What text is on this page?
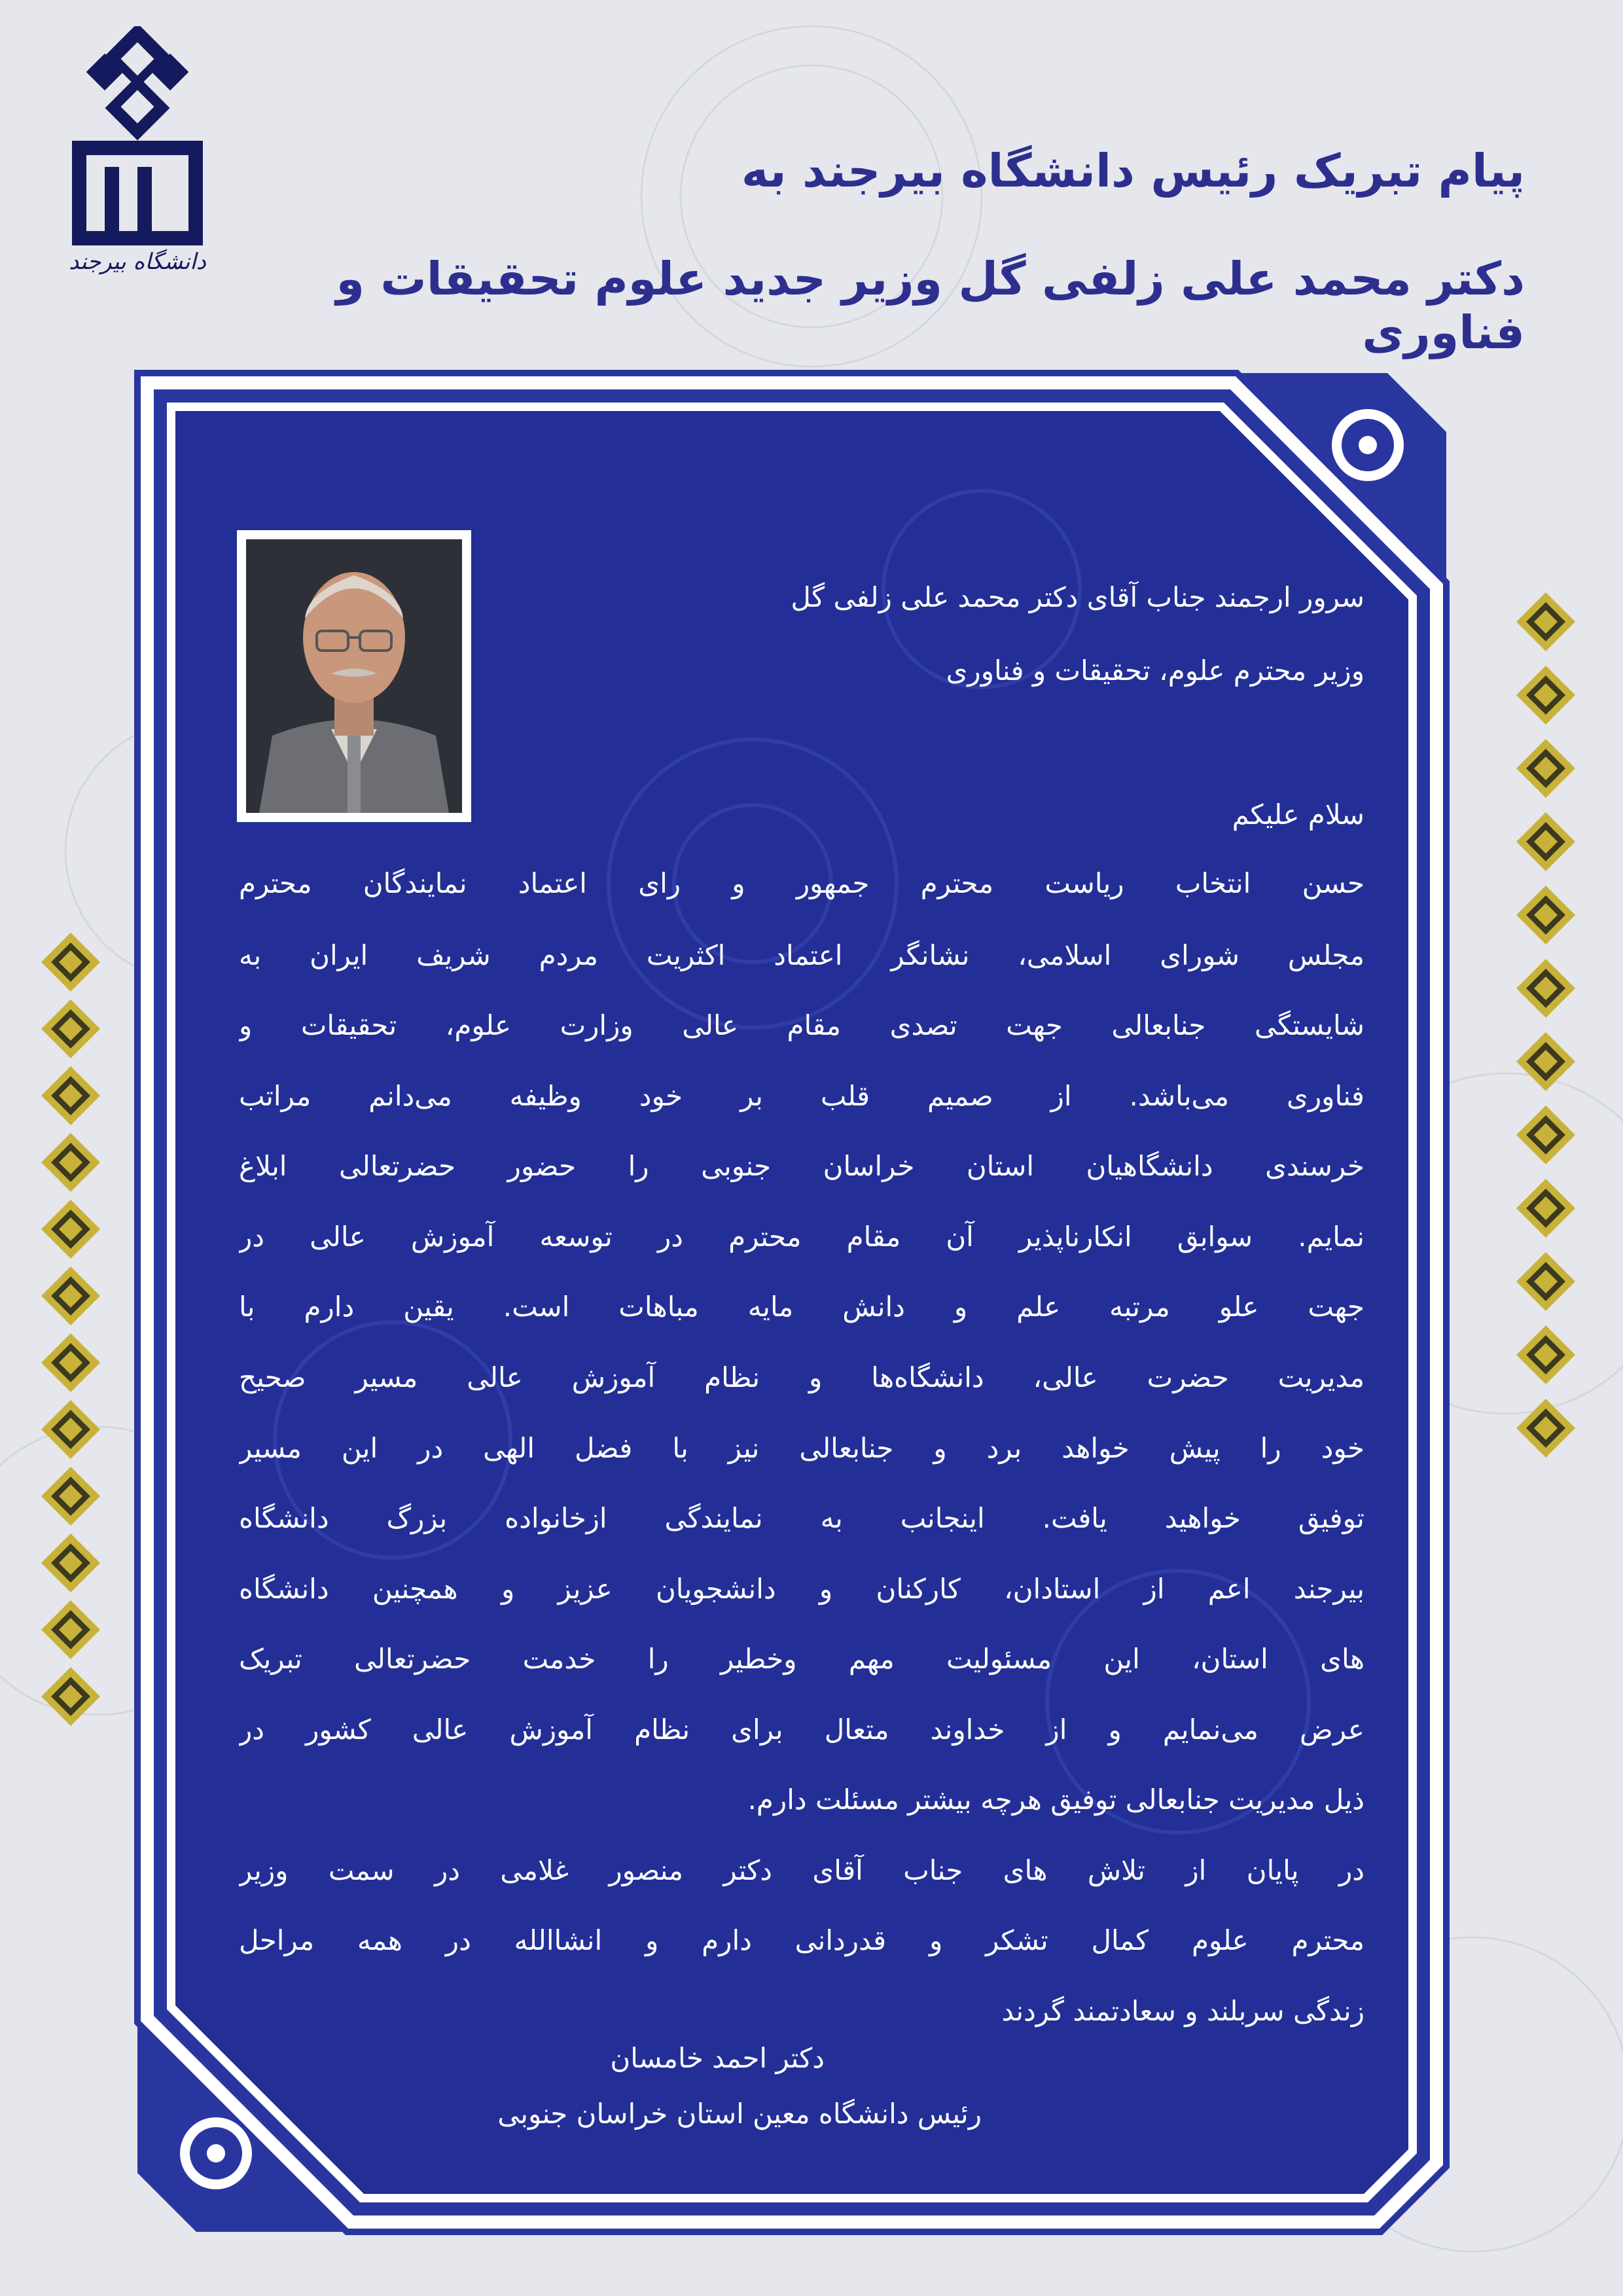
دانشگاه بیرجند
پیام تبریک رئیس دانشگاه بیرجند به
دکتر محمد علی زلفی گل وزیر جدید علوم تحقیقات و فناوری
سرور ارجمند جناب آقای دکتر محمد علی زلفی گل
وزیر محترم علوم، تحقیقات و فناوری
سلام علیکم
حسن انتخاب ریاست محترم جمهور و رای اعتماد نمایندگان محترم
مجلس شورای اسلامی، نشانگر اعتماد اکثریت مردم شریف ایران به
شایستگی جنابعالی جهت تصدی مقام عالی وزارت علوم، تحقیقات و
فناوری می‌باشد. از صمیم قلب بر خود وظیفه می‌دانم مراتب
خرسندی دانشگاهیان استان خراسان جنوبی را حضور حضرتعالی ابلاغ
نمایم. سوابق انکارناپذیر آن مقام محترم در توسعه آموزش عالی در
جهت علو مرتبه علم و دانش مایه مباهات است. یقین دارم با
مدیریت حضرت عالی، دانشگاه‌ها و نظام آموزش عالی مسیر صحیح
خود را پیش خواهد برد و جنابعالی نیز با فضل الهی در این مسیر
توفیق خواهید یافت. اینجانب به نمایندگی ازخانواده بزرگ دانشگاه
بیرجند اعم از استادان، کارکنان و دانشجویان عزیز و همچنین دانشگاه
های استان، این مسئولیت مهم وخطیر را خدمت حضرتعالی تبریک
عرض می‌نمایم و از خداوند متعال برای نظام آموزش عالی کشور در
ذیل مدیریت جنابعالی توفیق هرچه بیشتر مسئلت دارم.
در پایان از تلاش های جناب آقای دکتر منصور غلامی در سمت وزیر
محترم علوم کمال تشکر و قدردانی دارم و انشاالله در همه مراحل
زندگی سربلند و سعادتمند گردند
دکتر احمد خامسان
رئیس دانشگاه معین استان خراسان جنوبی
